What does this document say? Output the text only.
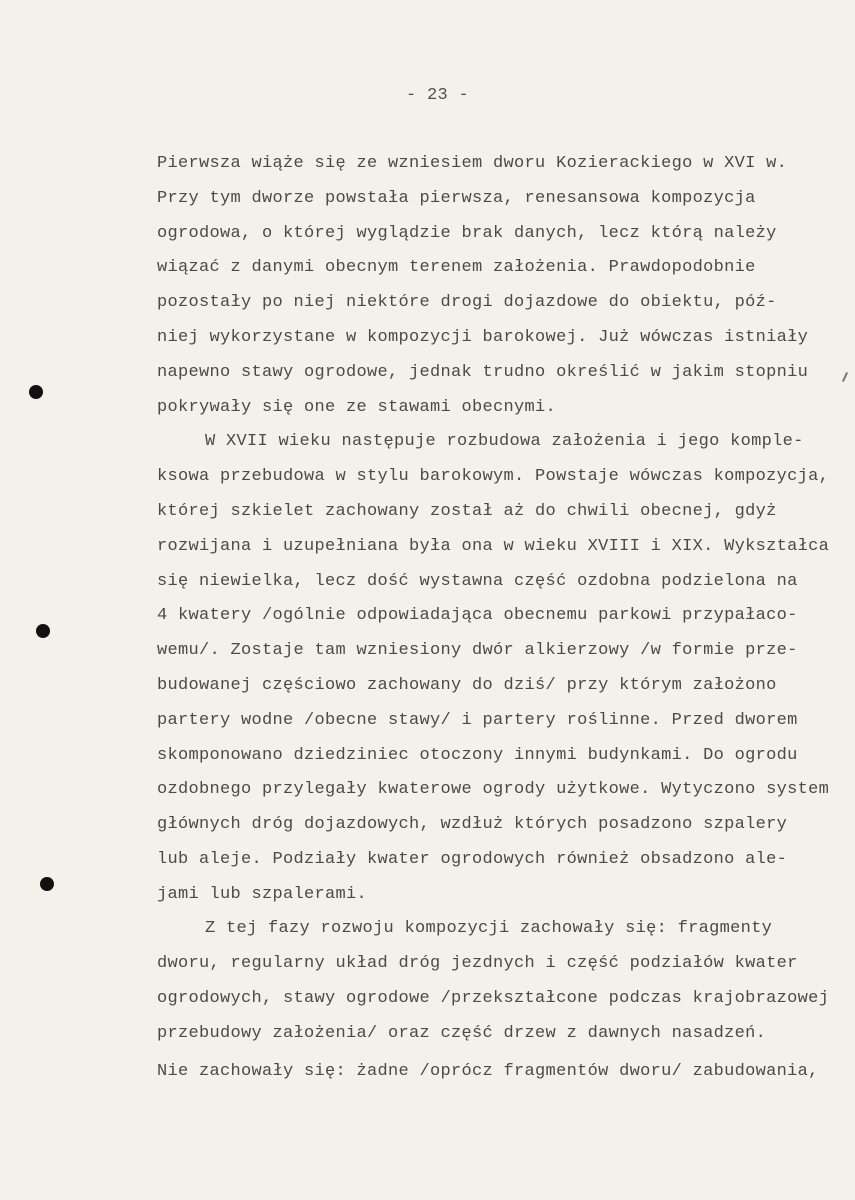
- 23 -
Pierwsza wiąże się ze wzniesiem dworu Kozierackiego w XVI w.
Przy tym dworze powstała pierwsza, renesansowa kompozycja
ogrodowa, o której wyglądzie brak danych, lecz którą należy
wiązać z danymi obecnym terenem założenia. Prawdopodobnie
pozostały po niej niektóre drogi dojazdowe do obiektu, póź-
niej wykorzystane w kompozycji barokowej. Już wówczas istniały
napewno stawy ogrodowe, jednak trudno określić w jakim stopniu
pokrywały się one ze stawami obecnymi.
W XVII wieku następuje rozbudowa założenia i jego komple-
ksowa przebudowa w stylu barokowym. Powstaje wówczas kompozycja,
której szkielet zachowany został aż do chwili obecnej, gdyż
rozwijana i uzupełniana była ona w wieku XVIII i XIX. Wykształca
się niewielka, lecz dość wystawna część ozdobna podzielona na
4 kwatery /ogólnie odpowiadająca obecnemu parkowi przypałaco-
wemu/. Zostaje tam wzniesiony dwór alkierzowy /w formie prze-
budowanej częściowo zachowany do dziś/ przy którym założono
partery wodne /obecne stawy/ i partery roślinne. Przed dworem
skomponowano dziedziniec otoczony innymi budynkami. Do ogrodu
ozdobnego przylegały kwaterowe ogrody użytkowe. Wytyczono system
głównych dróg dojazdowych, wzdłuż których posadzono szpalery
lub aleje. Podziały kwater ogrodowych również obsadzono ale-
jami lub szpalerami.
Z tej fazy rozwoju kompozycji zachowały się: fragmenty
dworu, regularny układ dróg jezdnych i część podziałów kwater
ogrodowych, stawy ogrodowe /przekształcone podczas krajobrazowej
przebudowy założenia/ oraz część drzew z dawnych nasadzeń.
Nie zachowały się: żadne /oprócz fragmentów dworu/ zabudowania,
